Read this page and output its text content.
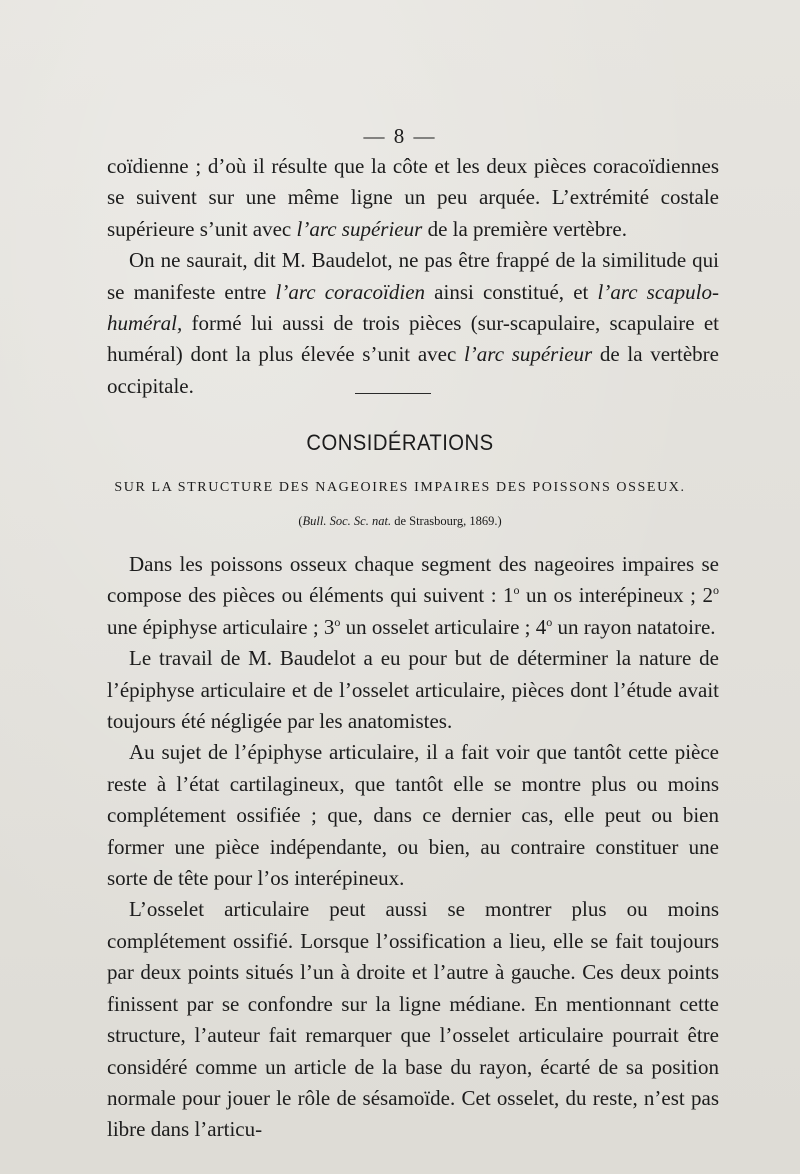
— 8 —

coïdienne ; d’où il résulte que la côte et les deux pièces coracoïdiennes se suivent sur une même ligne un peu arquée. L’extrémité costale supérieure s’unit avec l’arc supérieur de la première vertèbre.

On ne saurait, dit M. Baudelot, ne pas être frappé de la similitude qui se manifeste entre l’arc coracoïdien ainsi constitué, et l’arc scapulo-huméral, formé lui aussi de trois pièces (sur-scapulaire, scapulaire et huméral) dont la plus élevée s’unit avec l’arc supérieur de la vertèbre occipitale.

CONSIDÉRATIONS
SUR LA STRUCTURE DES NAGEOIRES IMPAIRES DES POISSONS OSSEUX.
(Bull. Soc. Sc. nat. de Strasbourg, 1869.)

Dans les poissons osseux chaque segment des nageoires impaires se compose des pièces ou éléments qui suivent : 1$^o$ un os interépineux ; 2$^o$ une épiphyse articulaire ; 3$^o$ un osselet articulaire ; 4$^o$ un rayon natatoire.

Le travail de M. Baudelot a eu pour but de déterminer la nature de l’épiphyse articulaire et de l’osselet articulaire, pièces dont l’étude avait toujours été négligée par les anatomistes.

Au sujet de l’épiphyse articulaire, il a fait voir que tantôt cette pièce reste à l’état cartilagineux, que tantôt elle se montre plus ou moins complétement ossifiée ; que, dans ce dernier cas, elle peut ou bien former une pièce indépendante, ou bien, au contraire constituer une sorte de tête pour l’os interépineux.

L’osselet articulaire peut aussi se montrer plus ou moins complétement ossifié. Lorsque l’ossification a lieu, elle se fait toujours par deux points situés l’un à droite et l’autre à gauche. Ces deux points finissent par se confondre sur la ligne médiane. En mentionnant cette structure, l’auteur fait remarquer que l’osselet articulaire pourrait être considéré comme un article de la base du rayon, écarté de sa position normale pour jouer le rôle de sésamoïde. Cet osselet, du reste, n’est pas libre dans l’articu-
